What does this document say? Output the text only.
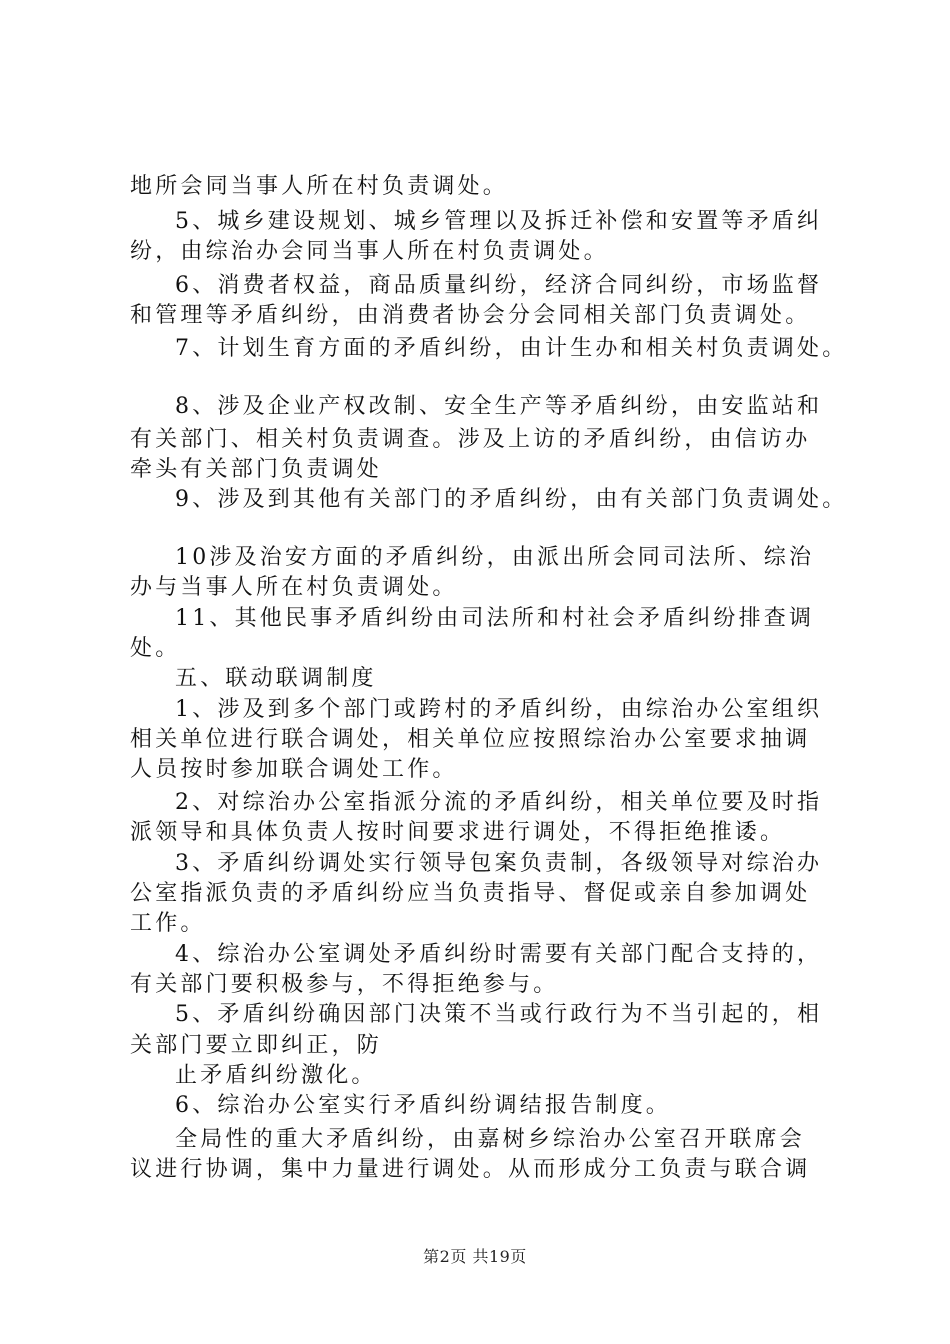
地所会同当事人所在村负责调处。
5、城乡建设规划、城乡管理以及拆迁补偿和安置等矛盾纠
纷，由综治办会同当事人所在村负责调处。
6、消费者权益，商品质量纠纷，经济合同纠纷，市场监督
和管理等矛盾纠纷，由消费者协会分会同相关部门负责调处。
7、计划生育方面的矛盾纠纷，由计生办和相关村负责调处。
8、涉及企业产权改制、安全生产等矛盾纠纷，由安监站和
有关部门、相关村负责调查。涉及上访的矛盾纠纷，由信访办
牵头有关部门负责调处
9、涉及到其他有关部门的矛盾纠纷，由有关部门负责调处。
10涉及治安方面的矛盾纠纷，由派出所会同司法所、综治
办与当事人所在村负责调处。
11、其他民事矛盾纠纷由司法所和村社会矛盾纠纷排查调
处。
五、联动联调制度
1、涉及到多个部门或跨村的矛盾纠纷，由综治办公室组织
相关单位进行联合调处，相关单位应按照综治办公室要求抽调
人员按时参加联合调处工作。
2、对综治办公室指派分流的矛盾纠纷，相关单位要及时指
派领导和具体负责人按时间要求进行调处，不得拒绝推诿。
3、矛盾纠纷调处实行领导包案负责制，各级领导对综治办
公室指派负责的矛盾纠纷应当负责指导、督促或亲自参加调处
工作。
4、综治办公室调处矛盾纠纷时需要有关部门配合支持的，
有关部门要积极参与，不得拒绝参与。
5、矛盾纠纷确因部门决策不当或行政行为不当引起的，相
关部门要立即纠正，防
止矛盾纠纷激化。
6、综治办公室实行矛盾纠纷调结报告制度。
全局性的重大矛盾纠纷，由嘉树乡综治办公室召开联席会
议进行协调，集中力量进行调处。从而形成分工负责与联合调
第2页 共19页
